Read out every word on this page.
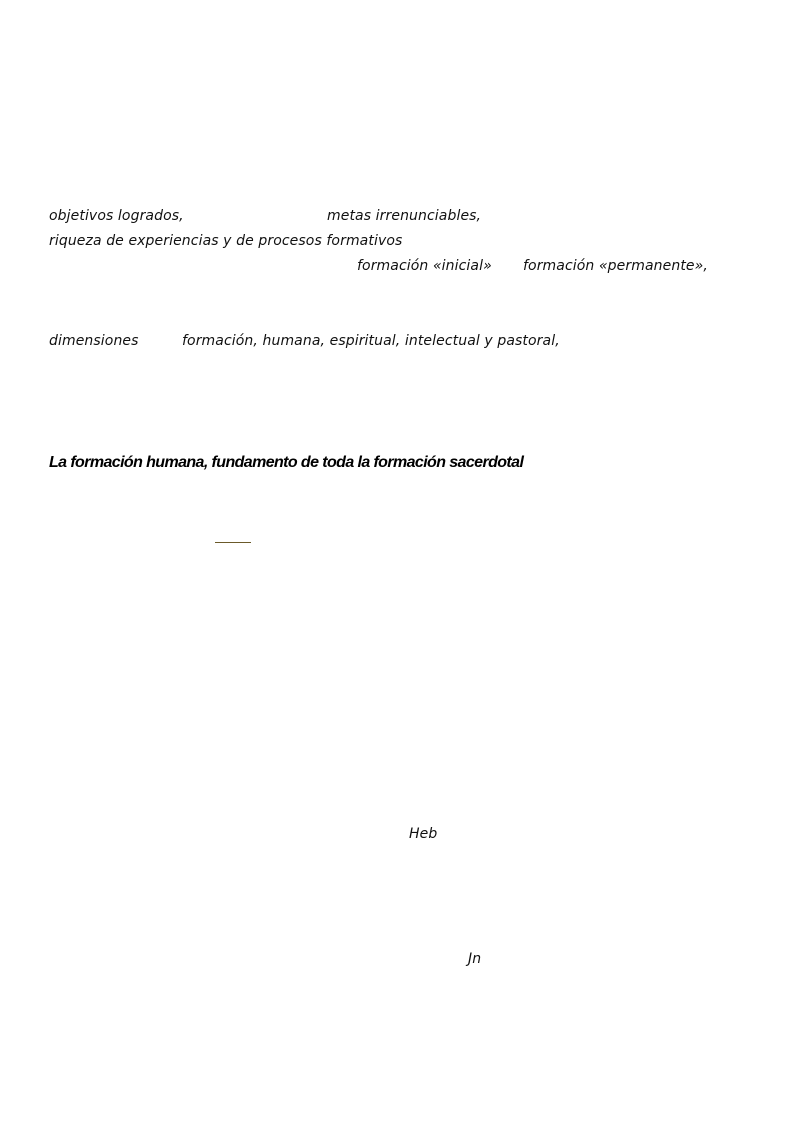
objetivos logrados,	metas irrenunciables,
riqueza de experiencias y de procesos formativos
formación «inicial» formación «permanente»,
dimensiones	formación, humana, espiritual, intelectual y pastoral,
La formación humana, fundamento de toda la formación sacerdotal
Heb
Jn
